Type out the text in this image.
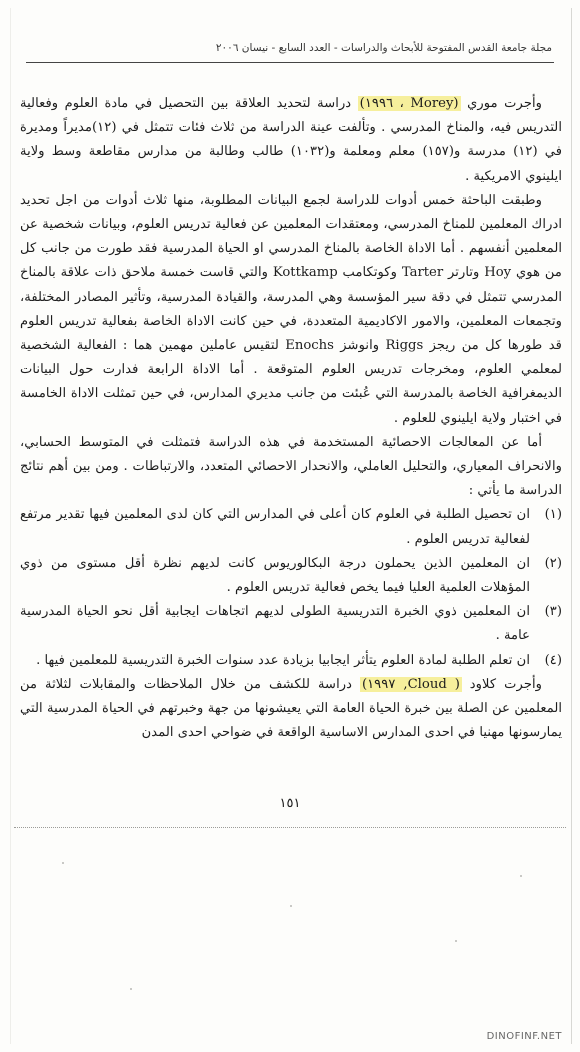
مجلة جامعة القدس المفتوحة للأبحاث والدراسات - العدد السابع - نيسان ٢٠٠٦

وأجرت موري (Morey ، ١٩٩٦) دراسة لتحديد العلاقة بين التحصيل في مادة العلوم وفعالية التدريس فيه، والمناخ المدرسي . وتألفت عينة الدراسة من ثلاث فئات تتمثل في (١٢)مديراً ومديرة في (١٢) مدرسة و(١٥٧) معلم ومعلمة و(١٠٣٢) طالب وطالبة من مدارس مقاطعة وسط ولاية ايلينوي الامريكية .

وطبقت الباحثة خمس أدوات للدراسة لجمع البيانات المطلوبة، منها ثلاث أدوات من اجل تحديد ادراك المعلمين للمناخ المدرسي، ومعتقدات المعلمين عن فعالية تدريس العلوم، وبيانات شخصية عن المعلمين أنفسهم . أما الاداة الخاصة بالمناخ المدرسي او الحياة المدرسية فقد طورت من جانب كل من هوي Hoy وتارتر Tarter وكوتكامب Kottkamp والتي قاست خمسة ملاحق ذات علاقة بالمناخ المدرسي تتمثل في دقة سير المؤسسة وهي المدرسة، والقيادة المدرسية، وتأثير المصادر المختلفة، وتجمعات المعلمين، والامور الاكاديمية المتعددة، في حين كانت الاداة الخاصة بفعالية تدريس العلوم قد طورها كل من ريجز Riggs وانوشز Enochs لتقيس عاملين مهمين هما : الفعالية الشخصية لمعلمي العلوم، ومخرجات تدريس العلوم المتوقعة . أما الاداة الرابعة فدارت حول البيانات الديمغرافية الخاصة بالمدرسة التي عُبئت من جانب مديري المدارس، في حين تمثلت الاداة الخامسة في اختبار ولاية ايلينوي للعلوم .

أما عن المعالجات الاحصائية المستخدمة في هذه الدراسة فتمثلت في المتوسط الحسابي، والانحراف المعياري، والتحليل العاملي، والانحدار الاحصائي المتعدد، والارتباطات . ومن بين أهم نتائج الدراسة ما يأتي :

(١)
ان تحصيل الطلبة في العلوم كان أعلى في المدارس التي كان لدى المعلمين فيها تقدير مرتفع لفعالية تدريس العلوم .

(٢)
ان المعلمين الذين يحملون درجة البكالوريوس كانت لديهم نظرة أقل مستوى من ذوي المؤهلات العلمية العليا فيما يخص فعالية تدريس العلوم .

(٣)
ان المعلمين ذوي الخبرة التدريسية الطولى لديهم اتجاهات ايجابية أقل نحو الحياة المدرسية عامة .

(٤)
ان تعلم الطلبة لمادة العلوم يتأثر ايجابيا بزيادة عدد سنوات الخبرة التدريسية للمعلمين فيها .

وأجرت كلاود ( Cloud, ١٩٩٧) دراسة للكشف من خلال الملاحظات والمقابلات لثلاثة من المعلمين عن الصلة بين خبرة الحياة العامة التي يعيشونها من جهة وخبرتهم في الحياة المدرسية التي يمارسونها مهنيا في احدى المدارس الاساسية الواقعة في ضواحي احدى المدن

١٥١
DINOFINF.NET
